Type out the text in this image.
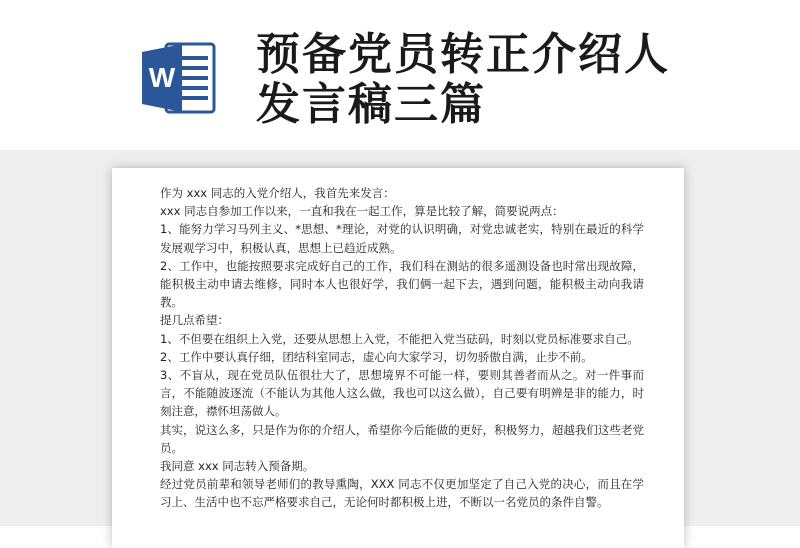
W 预备党员转正介绍人
发言稿三篇

作为 xxx 同志的入党介绍人，我首先来发言：

xxx 同志自参加工作以来，一直和我在一起工作，算是比较了解，简要说两点：

1、能努力学习马列主义、*思想、*理论，对党的认识明确，对党忠诚老实，特别在最近的科学发展观学习中，积极认真，思想上已趋近成熟。

2、工作中，也能按照要求完成好自己的工作，我们科在测站的很多遥测设备也时常出现故障，能积极主动申请去维修，同时本人也很好学，我们俩一起下去，遇到问题，能积极主动向我请教。

提几点希望：

1、不但要在组织上入党，还要从思想上入党，不能把入党当砝码，时刻以党员标准要求自己。

2、工作中要认真仔细，团结科室同志，虚心向大家学习，切勿骄傲自满，止步不前。

3、不盲从，现在党员队伍很壮大了，思想境界不可能一样，要则其善者而从之。对一件事而言，不能随波逐流（不能认为其他人这么做，我也可以这么做），自己要有明辨是非的能力，时刻注意，襟怀坦荡做人。

其实，说这么多，只是作为你的介绍人，希望你今后能做的更好，积极努力，超越我们这些老党员。

我同意 xxx 同志转入预备期。

经过党员前辈和领导老师们的教导熏陶，XXX 同志不仅更加坚定了自己入党的决心，而且在学习上、生活中也不忘严格要求自己，无论何时都积极上进，不断以一名党员的条件自警。
